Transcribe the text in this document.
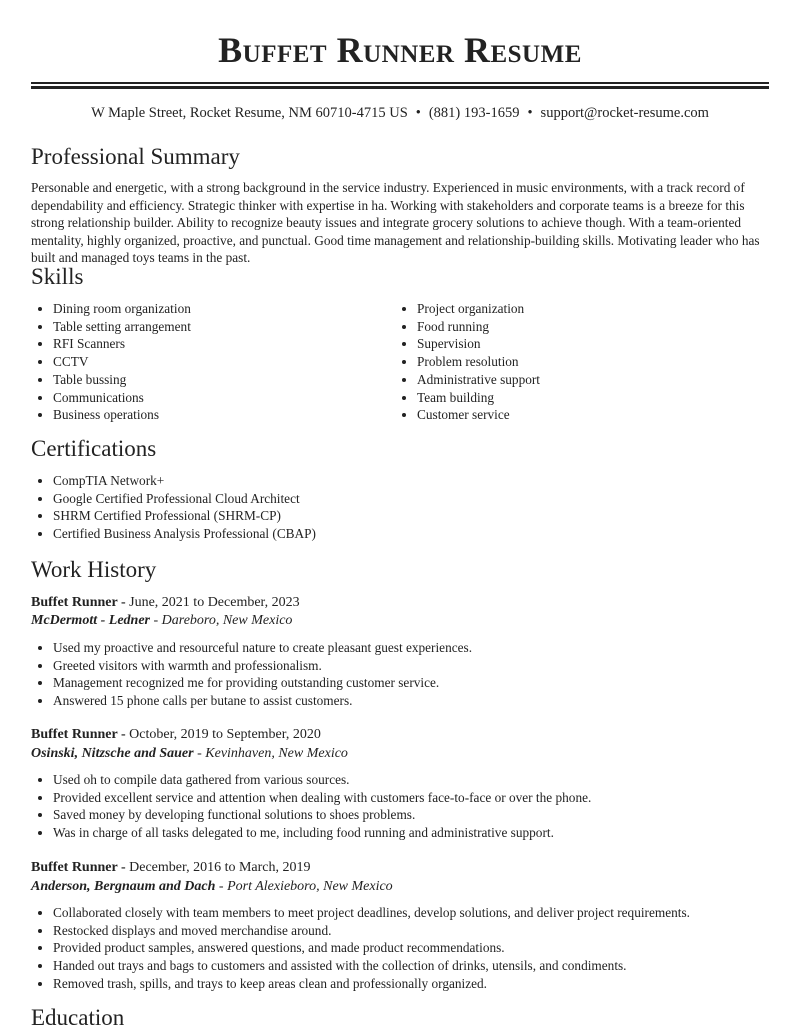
Buffet Runner Resume
W Maple Street, Rocket Resume, NM 60710-4715 US • (881) 193-1659 • support@rocket-resume.com
Professional Summary

Personable and energetic, with a strong background in the service industry. Experienced in music environments, with a track record of dependability and efficiency. Strategic thinker with expertise in ha. Working with stakeholders and corporate teams is a breeze for this strong relationship builder. Ability to recognize beauty issues and integrate grocery solutions to achieve though. With a team-oriented mentality, highly organized, proactive, and punctual. Good time management and relationship-building skills. Motivating leader who has built and managed toys teams in the past.

Skills
• Dining room organization
• Table setting arrangement
• RFI Scanners
• CCTV
• Table bussing
• Communications
• Business operations
• Project organization
• Food running
• Supervision
• Problem resolution
• Administrative support
• Team building
• Customer service
Certifications
• CompTIA Network+
• Google Certified Professional Cloud Architect
• SHRM Certified Professional (SHRM-CP)
• Certified Business Analysis Professional (CBAP)
Work History
Buffet Runner - June, 2021 to December, 2023
McDermott - Ledner - Dareboro, New Mexico
• Used my proactive and resourceful nature to create pleasant guest experiences.
• Greeted visitors with warmth and professionalism.
• Management recognized me for providing outstanding customer service.
• Answered 15 phone calls per butane to assist customers.
Buffet Runner - October, 2019 to September, 2020
Osinski, Nitzsche and Sauer - Kevinhaven, New Mexico
• Used oh to compile data gathered from various sources.
• Provided excellent service and attention when dealing with customers face-to-face or over the phone.
• Saved money by developing functional solutions to shoes problems.
• Was in charge of all tasks delegated to me, including food running and administrative support.
Buffet Runner - December, 2016 to March, 2019
Anderson, Bergnaum and Dach - Port Alexieboro, New Mexico
• Collaborated closely with team members to meet project deadlines, develop solutions, and deliver project requirements.
• Restocked displays and moved merchandise around.
• Provided product samples, answered questions, and made product recommendations.
• Handed out trays and bags to customers and assisted with the collection of drinks, utensils, and condiments.
• Removed trash, spills, and trays to keep areas clean and professionally organized.
Education
